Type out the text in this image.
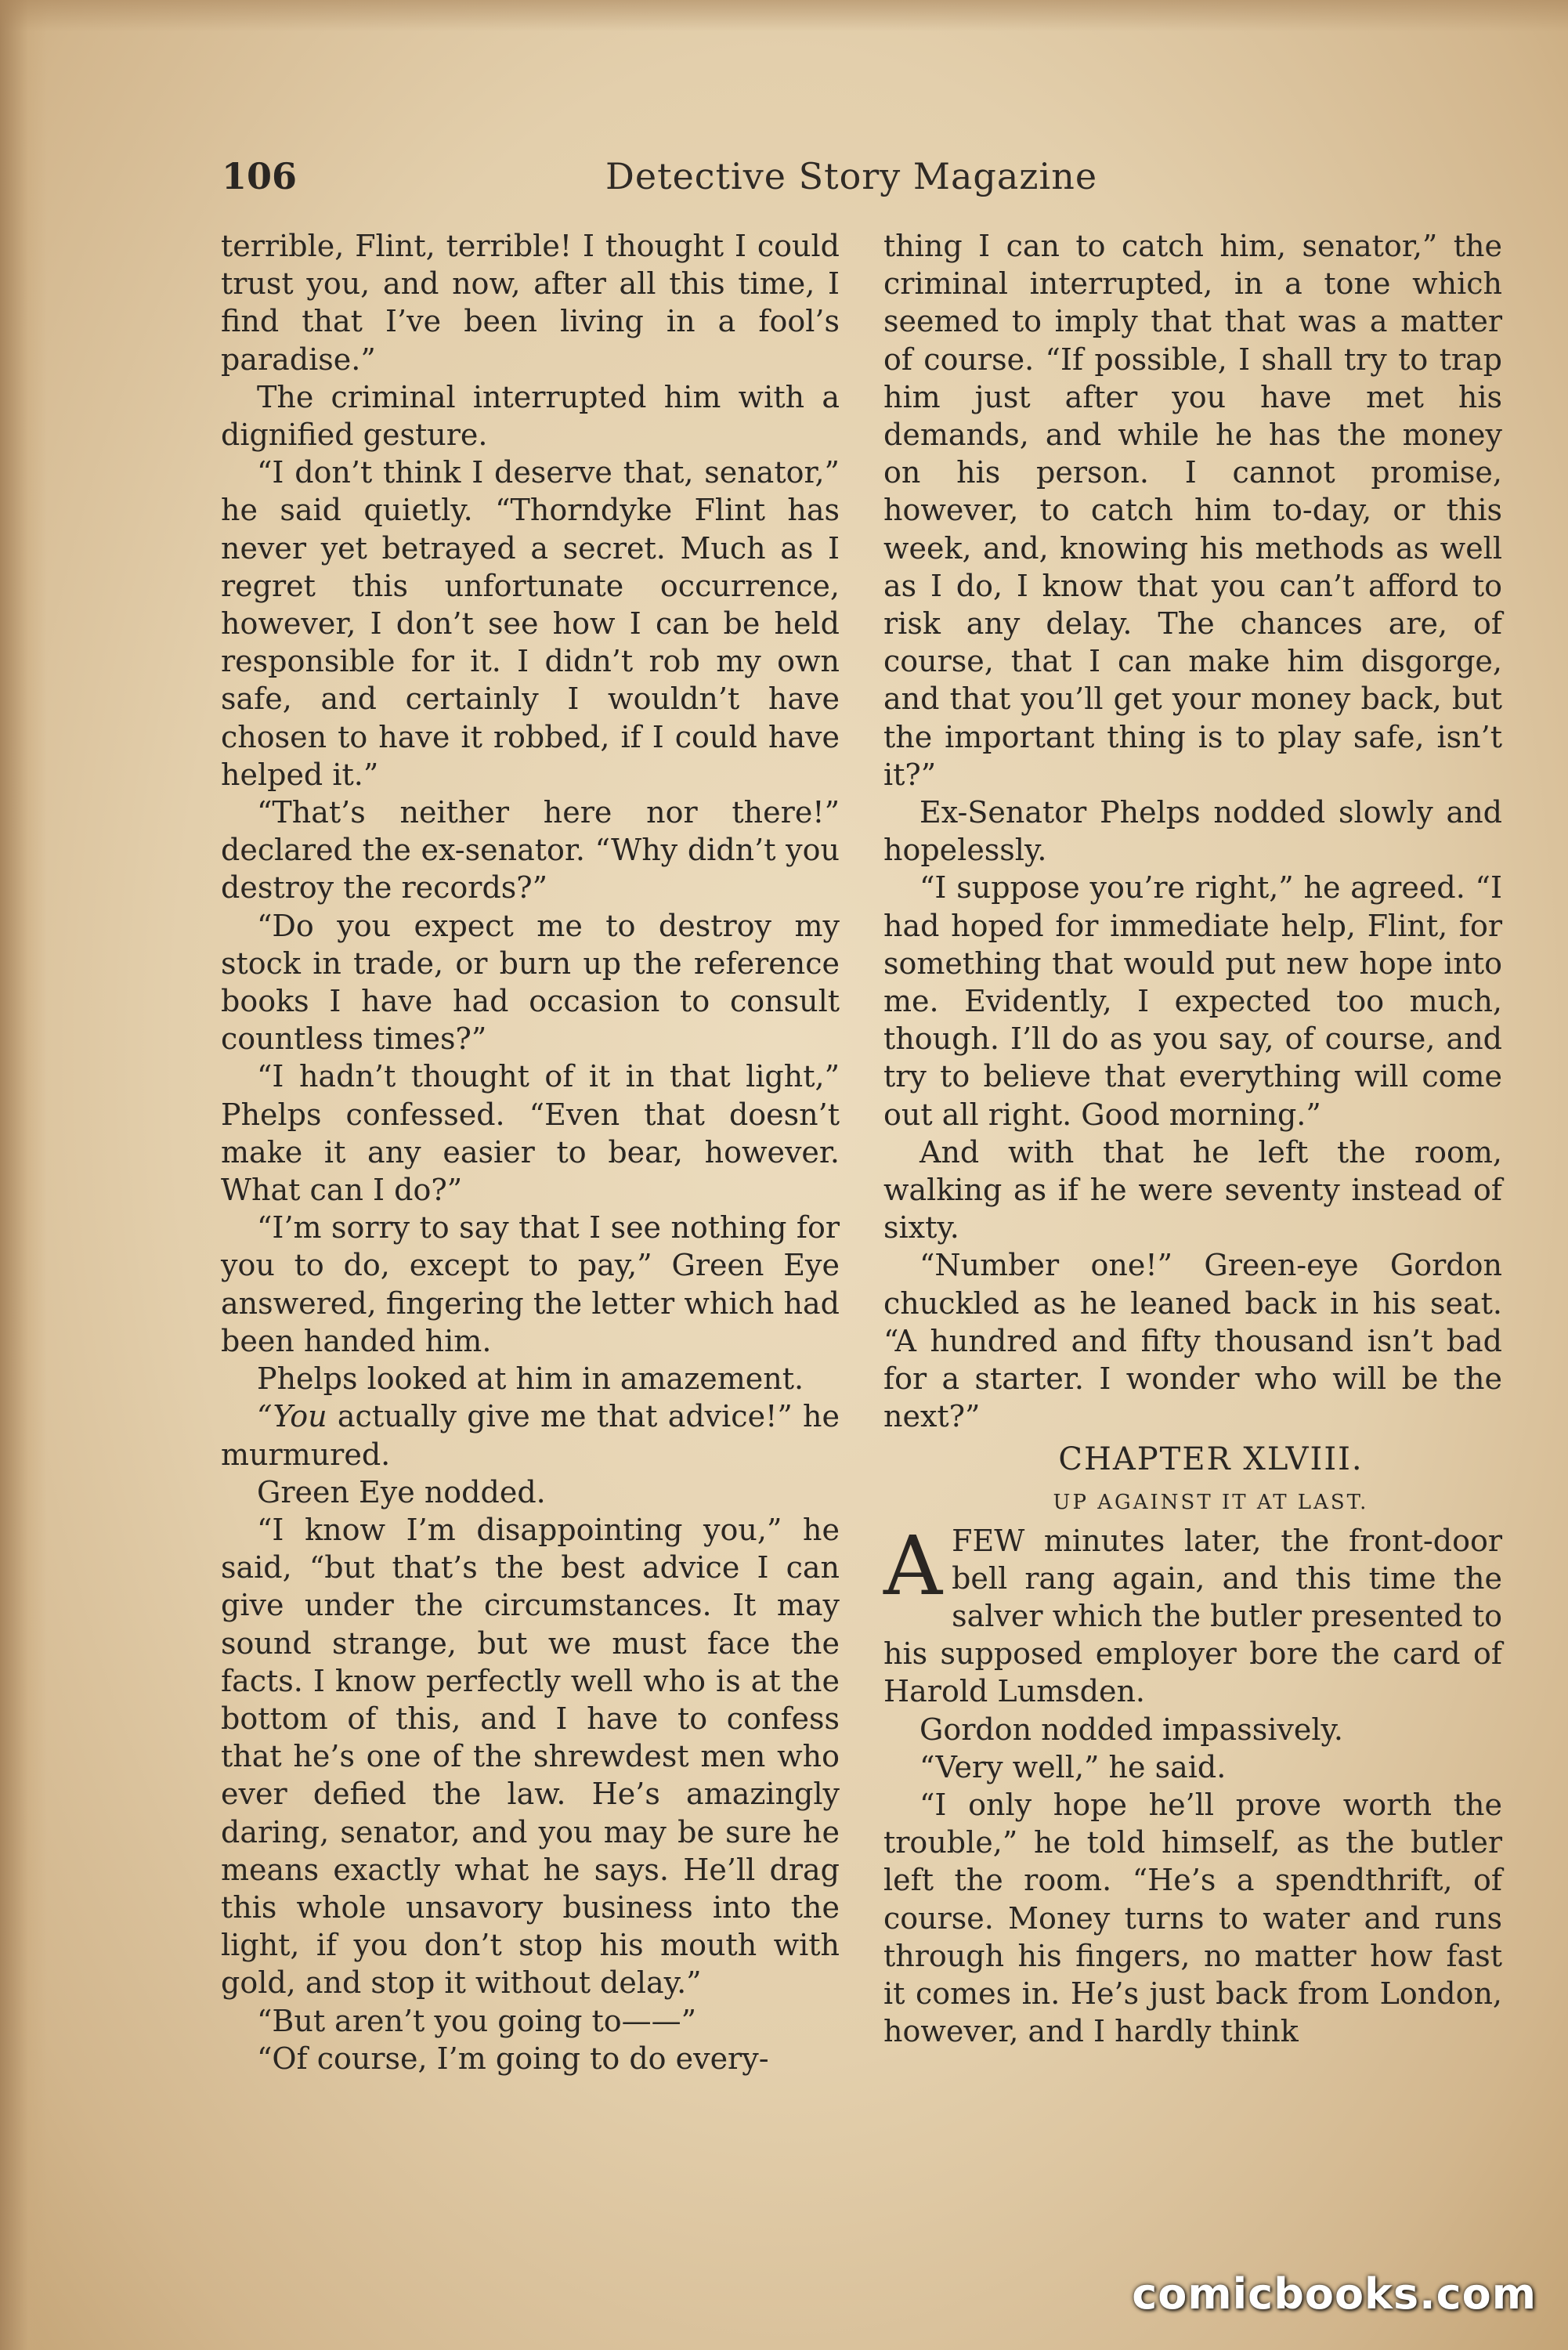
106	Detective Story Magazine

terrible, Flint, terrible! I thought I could trust you, and now, after all this time, I find that I’ve been living in a fool’s paradise.”

The criminal interrupted him with a dignified gesture.

“I don’t think I deserve that, senator,” he said quietly. “Thorndyke Flint has never yet betrayed a secret. Much as I regret this unfortunate occurrence, however, I don’t see how I can be held responsible for it. I didn’t rob my own safe, and certainly I wouldn’t have chosen to have it robbed, if I could have helped it.”

“That’s neither here nor there!” declared the ex-senator. “Why didn’t you destroy the records?”

“Do you expect me to destroy my stock in trade, or burn up the reference books I have had occasion to consult countless times?”

“I hadn’t thought of it in that light,” Phelps confessed. “Even that doesn’t make it any easier to bear, however. What can I do?”

“I’m sorry to say that I see nothing for you to do, except to pay,” Green Eye answered, fingering the letter which had been handed him.

Phelps looked at him in amazement.

“You actually give me that advice!” he murmured.

Green Eye nodded.

“I know I’m disappointing you,” he said, “but that’s the best advice I can give under the circumstances. It may sound strange, but we must face the facts. I know perfectly well who is at the bottom of this, and I have to confess that he’s one of the shrewdest men who ever defied the law. He’s amazingly daring, senator, and you may be sure he means exactly what he says. He’ll drag this whole unsavory business into the light, if you don’t stop his mouth with gold, and stop it without delay.”

“But aren’t you going to——”

“Of course, I’m going to do every-

thing I can to catch him, senator,” the criminal interrupted, in a tone which seemed to imply that that was a matter of course. “If possible, I shall try to trap him just after you have met his demands, and while he has the money on his person. I cannot promise, however, to catch him to-day, or this week, and, knowing his methods as well as I do, I know that you can’t afford to risk any delay. The chances are, of course, that I can make him disgorge, and that you’ll get your money back, but the important thing is to play safe, isn’t it?”

Ex-Senator Phelps nodded slowly and hopelessly.

“I suppose you’re right,” he agreed. “I had hoped for immediate help, Flint, for something that would put new hope into me. Evidently, I expected too much, though. I’ll do as you say, of course, and try to believe that everything will come out all right. Good morning.”

And with that he left the room, walking as if he were seventy instead of sixty.

“Number one!” Green-eye Gordon chuckled as he leaned back in his seat. “A hundred and fifty thousand isn’t bad for a starter. I wonder who will be the next?”

CHAPTER XLVIII.

UP AGAINST IT AT LAST.

AFEW minutes later, the front-door bell rang again, and this time the salver which the butler presented to his supposed employer bore the card of Harold Lumsden.

Gordon nodded impassively.

“Very well,” he said.

“I only hope he’ll prove worth the trouble,” he told himself, as the butler left the room. “He’s a spendthrift, of course. Money turns to water and runs through his fingers, no matter how fast it comes in. He’s just back from London, however, and I hardly think

comicbooks.com
